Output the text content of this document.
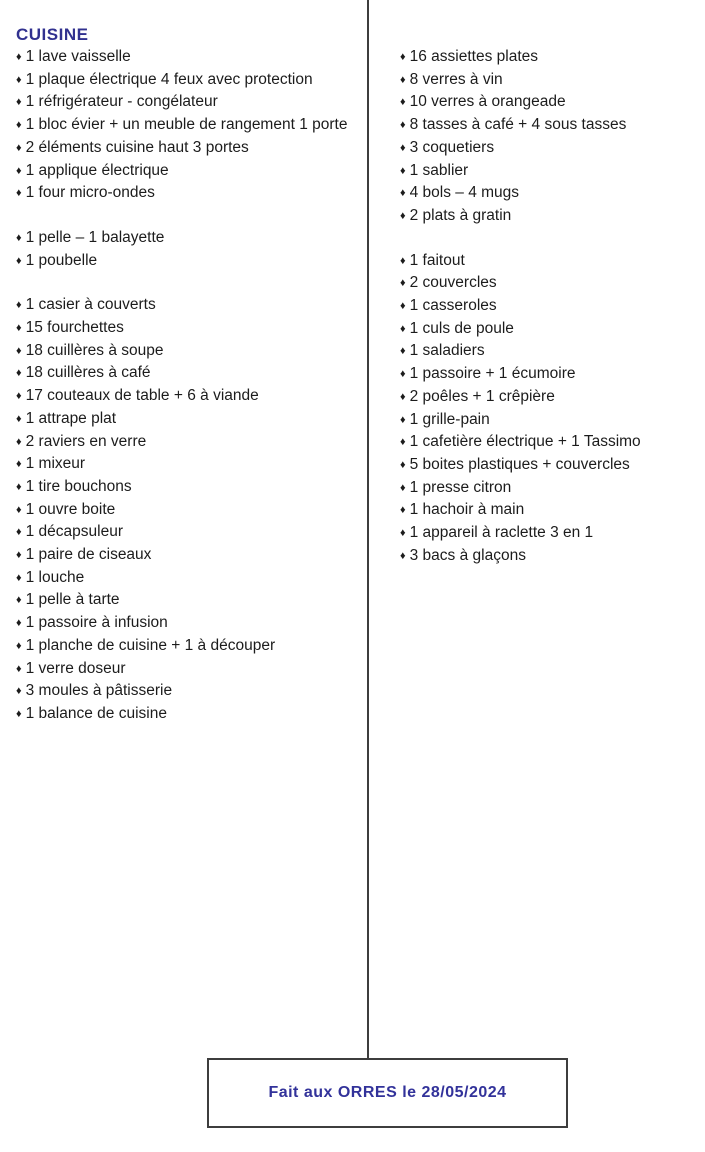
CUISINE
♦ 1 lave vaisselle
♦ 1 plaque électrique 4 feux avec protection
♦ 1 réfrigérateur - congélateur
♦ 1 bloc évier + un meuble de rangement 1 porte
♦ 2 éléments cuisine haut 3 portes
♦ 1 applique électrique
♦ 1 four micro-ondes
♦ 1 pelle – 1 balayette
♦ 1 poubelle
♦ 1 casier à couverts
♦ 15 fourchettes
♦ 18 cuillères à soupe
♦ 18 cuillères à café
♦ 17 couteaux de table + 6 à viande
♦ 1 attrape plat
♦ 2 raviers en verre
♦ 1 mixeur
♦ 1 tire bouchons
♦ 1 ouvre boite
♦ 1 décapsuleur
♦ 1 paire de ciseaux
♦ 1 louche
♦ 1 pelle à tarte
♦ 1 passoire à infusion
♦ 1 planche de cuisine + 1 à découper
♦ 1 verre doseur
♦ 3 moules à pâtisserie
♦ 1 balance de cuisine
♦ 16 assiettes plates
♦ 8 verres à vin
♦ 10 verres à orangeade
♦ 8 tasses à café + 4 sous tasses
♦ 3 coquetiers
♦ 1 sablier
♦ 4 bols – 4 mugs
♦ 2 plats à gratin
♦ 1 faitout
♦ 2 couvercles
♦ 1 casseroles
♦ 1 culs de poule
♦ 1 saladiers
♦ 1 passoire + 1 écumoire
♦ 2 poêles + 1 crêpière
♦ 1 grille-pain
♦ 1 cafetière électrique + 1 Tassimo
♦ 5 boites plastiques + couvercles
♦ 1 presse citron
♦ 1 hachoir à main
♦ 1 appareil à raclette 3 en 1
♦ 3 bacs à glaçons
Fait aux ORRES le 28/05/2024
